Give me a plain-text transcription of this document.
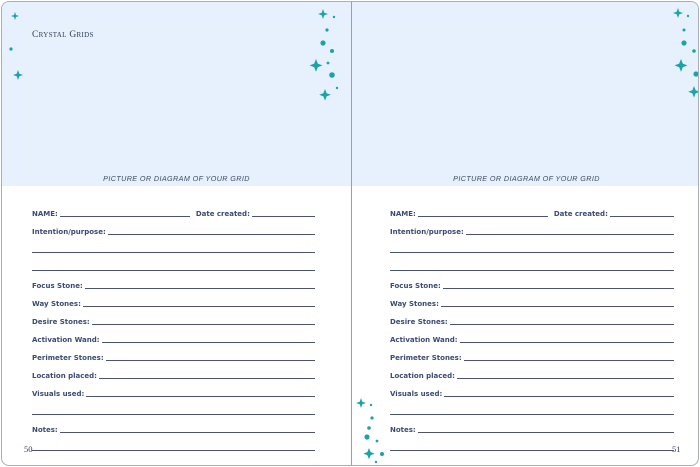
Crystal Grids
PICTURE OR DIAGRAM OF YOUR GRID
NAME:	Date created:
Intention/purpose:
Focus Stone:
Way Stones:
Desire Stones:
Activation Wand:
Perimeter Stones:
Location placed:
Visuals used:
Notes:
50
PICTURE OR DIAGRAM OF YOUR GRID
NAME:	Date created:
Intention/purpose:
Focus Stone:
Way Stones:
Desire Stones:
Activation Wand:
Perimeter Stones:
Location placed:
Visuals used:
Notes:
51
